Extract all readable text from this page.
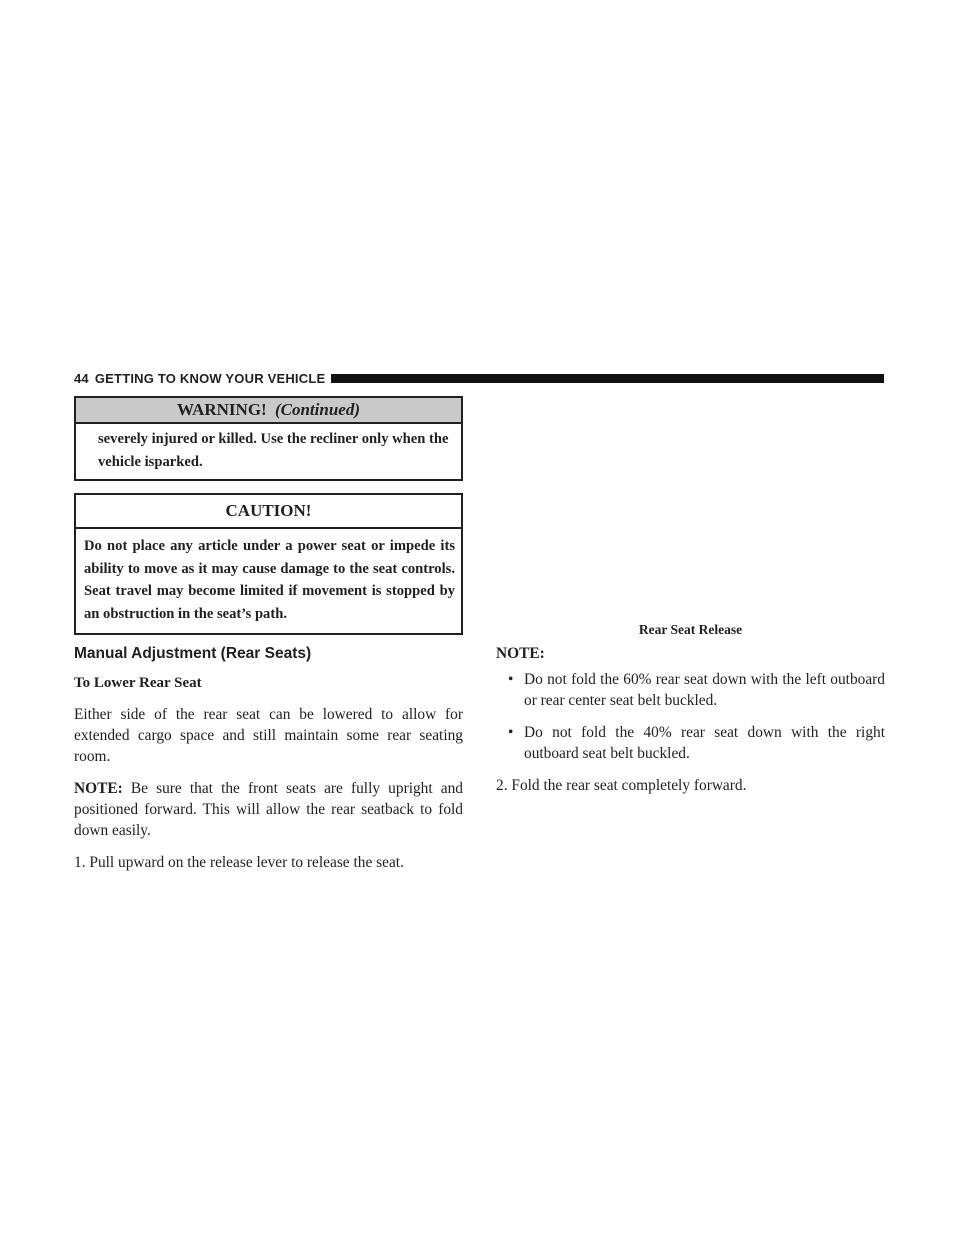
44 GETTING TO KNOW YOUR VEHICLE
WARNING! (Continued)
severely injured or killed. Use the recliner only when the vehicle isparked.
CAUTION!
Do not place any article under a power seat or impede its ability to move as it may cause damage to the seat controls. Seat travel may become limited if movement is stopped by an obstruction in the seat’s path.
Manual Adjustment (Rear Seats)
To Lower Rear Seat

Either side of the rear seat can be lowered to allow for extended cargo space and still maintain some rear seating room.

NOTE: Be sure that the front seats are fully upright and positioned forward. This will allow the rear seatback to fold down easily.

1. Pull upward on the release lever to release the seat.

Rear Seat Release
NOTE:
• Do not fold the 60% rear seat down with the left outboard or rear center seat belt buckled.
• Do not fold the 40% rear seat down with the right outboard seat belt buckled.

2. Fold the rear seat completely forward.
